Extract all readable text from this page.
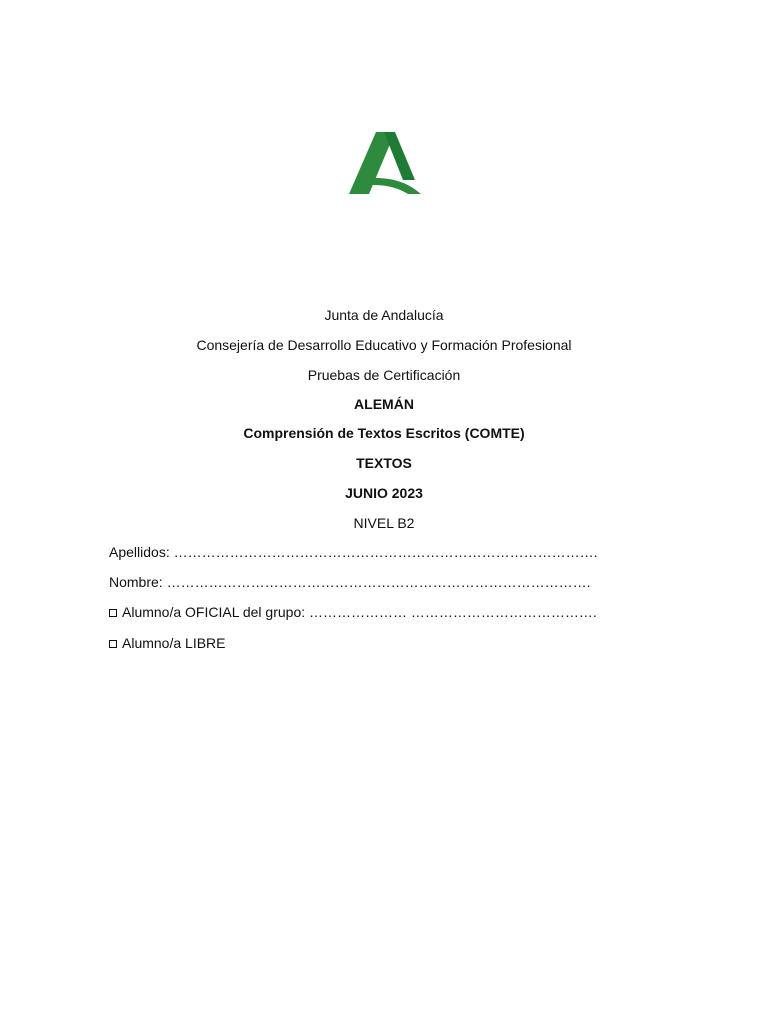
Junta de Andalucía
Consejería de Desarrollo Educativo y Formación Profesional
Pruebas de Certificación
ALEMÁN
Comprensión de Textos Escritos (COMTE)
TEXTOS
JUNIO 2023
NIVEL B2
Apellidos: ……………………………………………………………………………….
Nombre: ……………………………………………………………………………….
Alumno/a OFICIAL del grupo: ………………… ………………………………….
Alumno/a LIBRE
